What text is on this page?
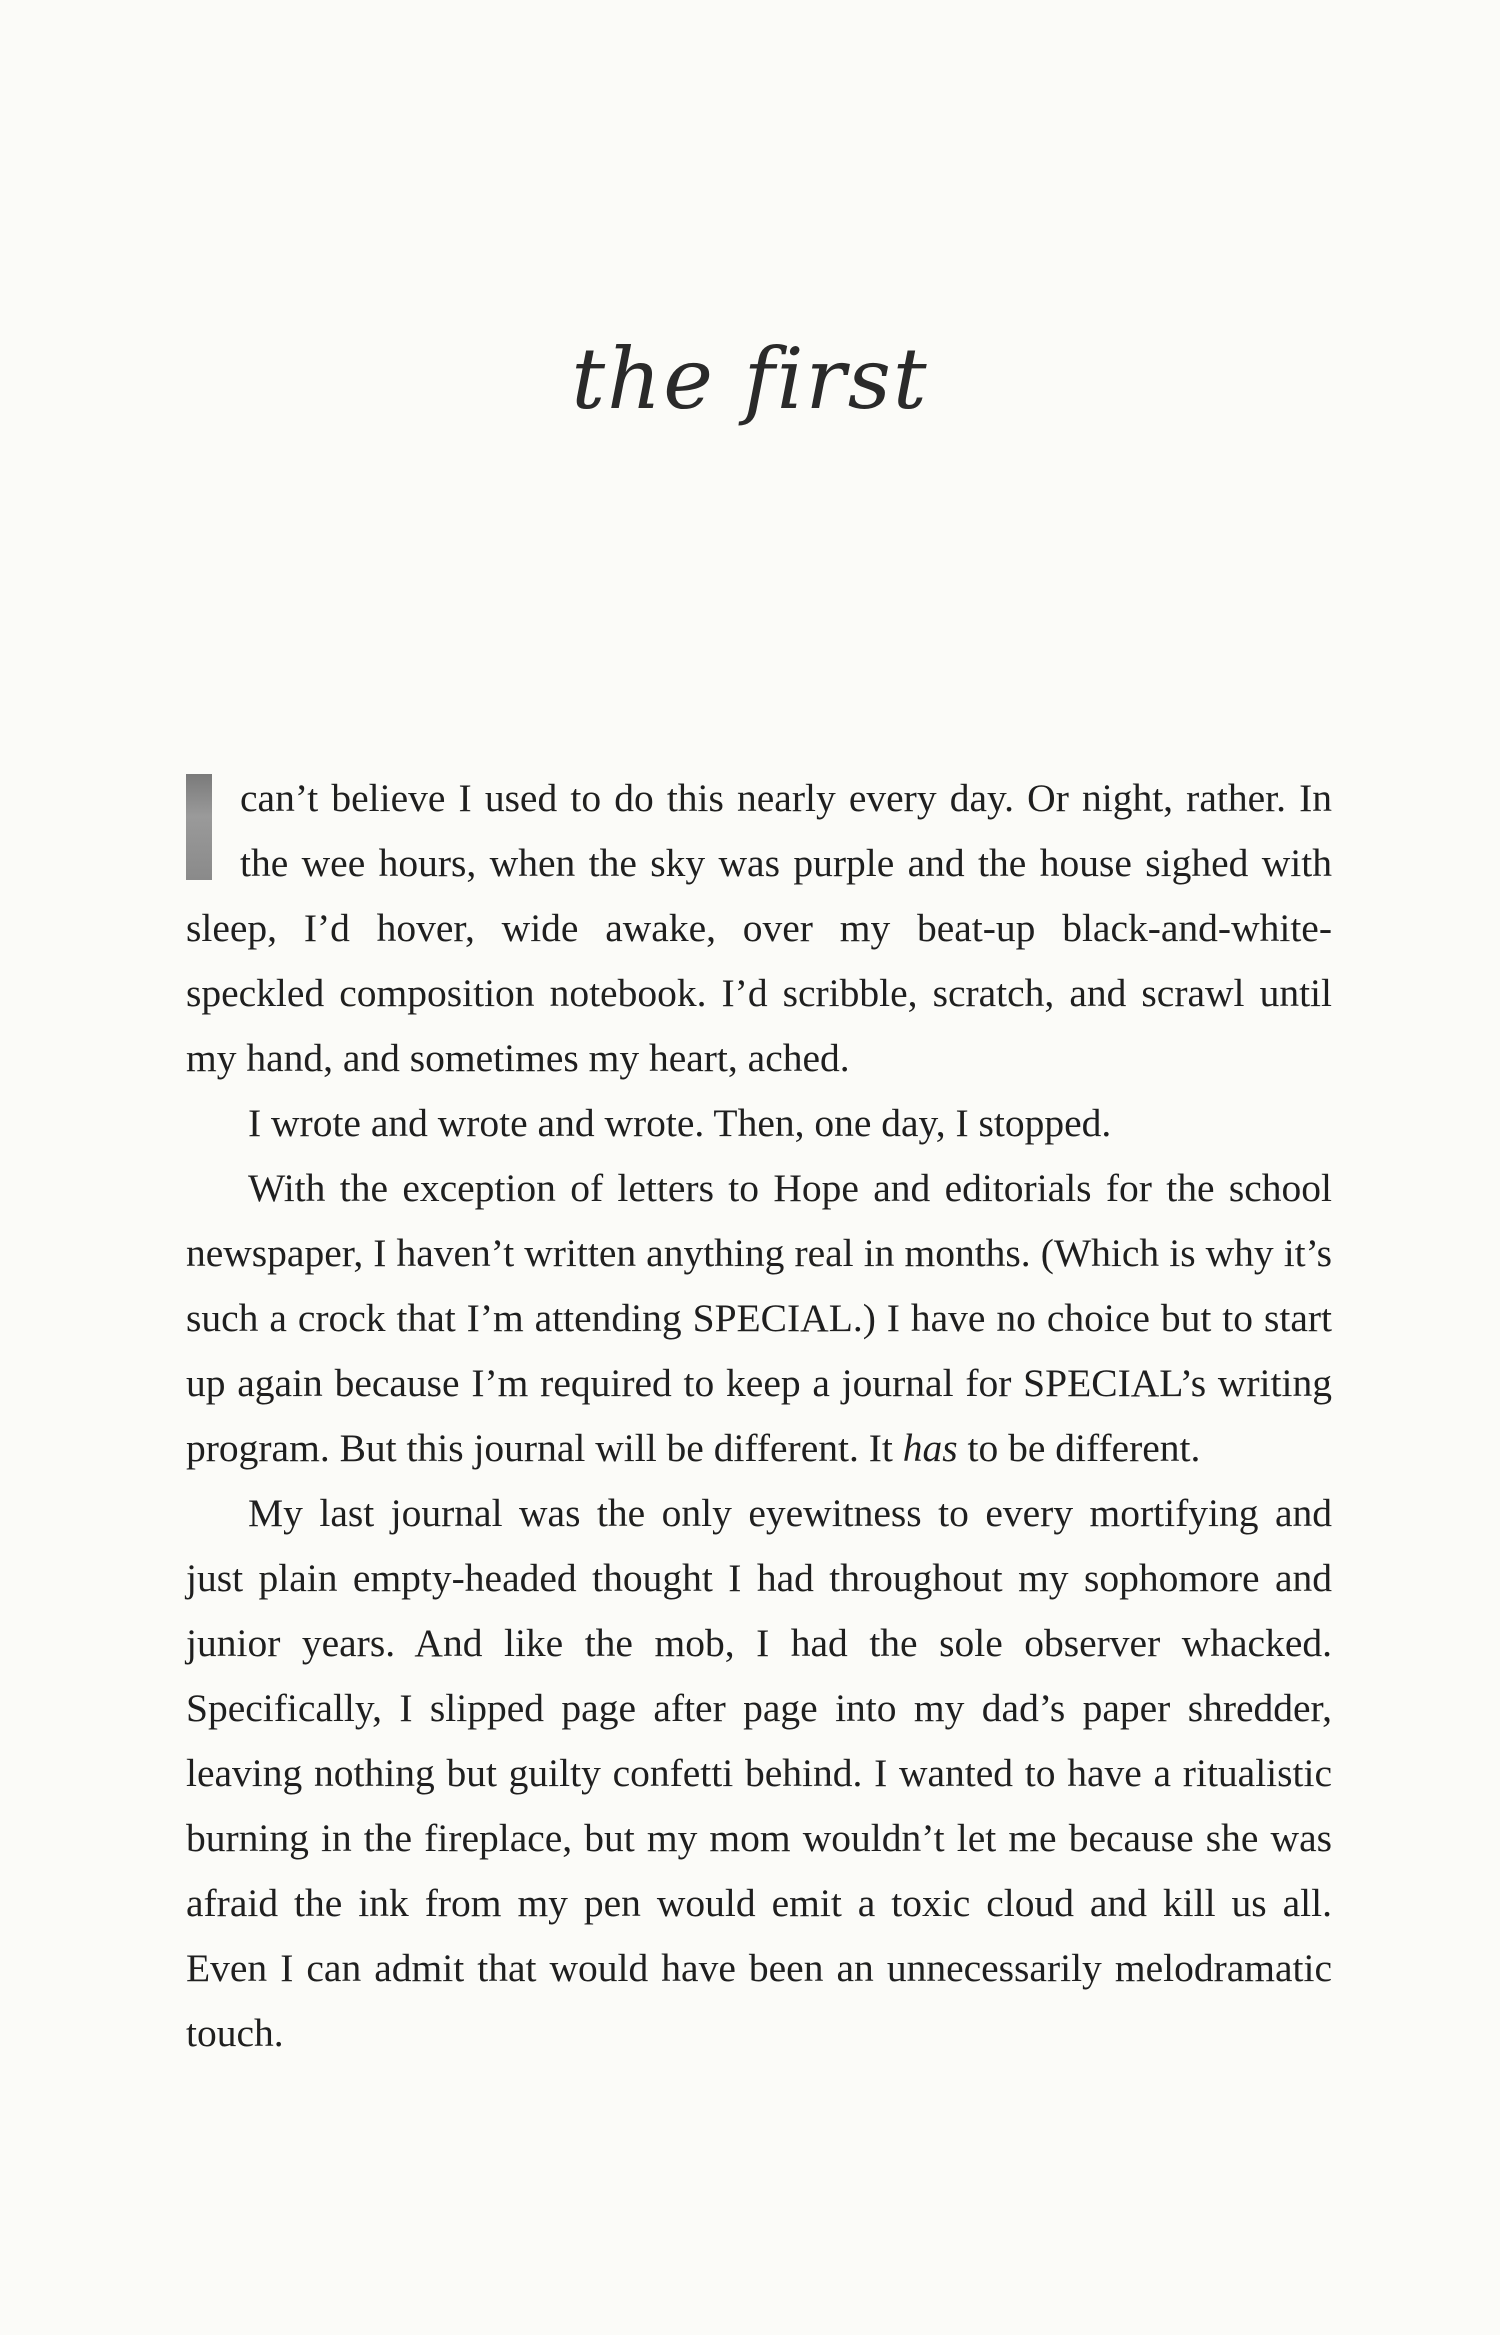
the first

can’t believe I used to do this nearly every day. Or night, rather. In the wee hours, when the sky was purple and the house sighed with sleep, I’d hover, wide awake, over my beat-up black-and-white-speckled composition notebook. I’d scribble, scratch, and scrawl until my hand, and sometimes my heart, ached.

I wrote and wrote and wrote. Then, one day, I stopped.

With the exception of letters to Hope and editorials for the school newspaper, I haven’t written anything real in months. (Which is why it’s such a crock that I’m attending SPECIAL.) I have no choice but to start up again because I’m required to keep a journal for SPECIAL’s writing program. But this journal will be different. It has to be different.

My last journal was the only eyewitness to every mortifying and just plain empty-headed thought I had throughout my sophomore and junior years. And like the mob, I had the sole observer whacked. Specifically, I slipped page after page into my dad’s paper shredder, leaving nothing but guilty confetti behind. I wanted to have a ritualistic burning in the fireplace, but my mom wouldn’t let me because she was afraid the ink from my pen would emit a toxic cloud and kill us all. Even I can admit that would have been an unnecessarily melodramatic touch.
